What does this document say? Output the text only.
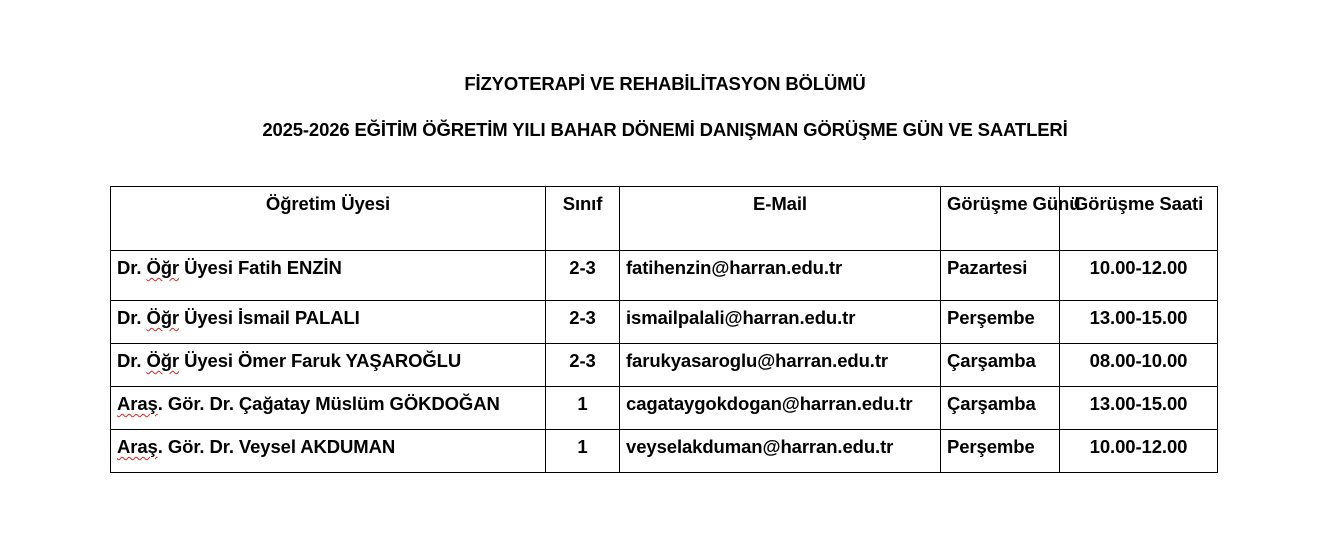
FİZYOTERAPİ VE REHABİLİTASYON BÖLÜMÜ
2025-2026 EĞİTİM ÖĞRETİM YILI BAHAR DÖNEMİ DANIŞMAN GÖRÜŞME GÜN VE SAATLERİ
Öğretim Üyesi	Sınıf	E-Mail	Görüşme Günü	Görüşme Saati
Dr. Öğr Üyesi Fatih ENZİN	2-3	fatihenzin@harran.edu.tr	Pazartesi	10.00-12.00
Dr. Öğr Üyesi İsmail PALALI	2-3	ismailpalali@harran.edu.tr	Perşembe	13.00-15.00
Dr. Öğr Üyesi Ömer Faruk YAŞAROĞLU	2-3	farukyasaroglu@harran.edu.tr	Çarşamba	08.00-10.00
Araş. Gör. Dr. Çağatay Müslüm GÖKDOĞAN	1	cagataygokdogan@harran.edu.tr	Çarşamba	13.00-15.00
Araş. Gör. Dr. Veysel AKDUMAN	1	veyselakduman@harran.edu.tr	Perşembe	10.00-12.00
